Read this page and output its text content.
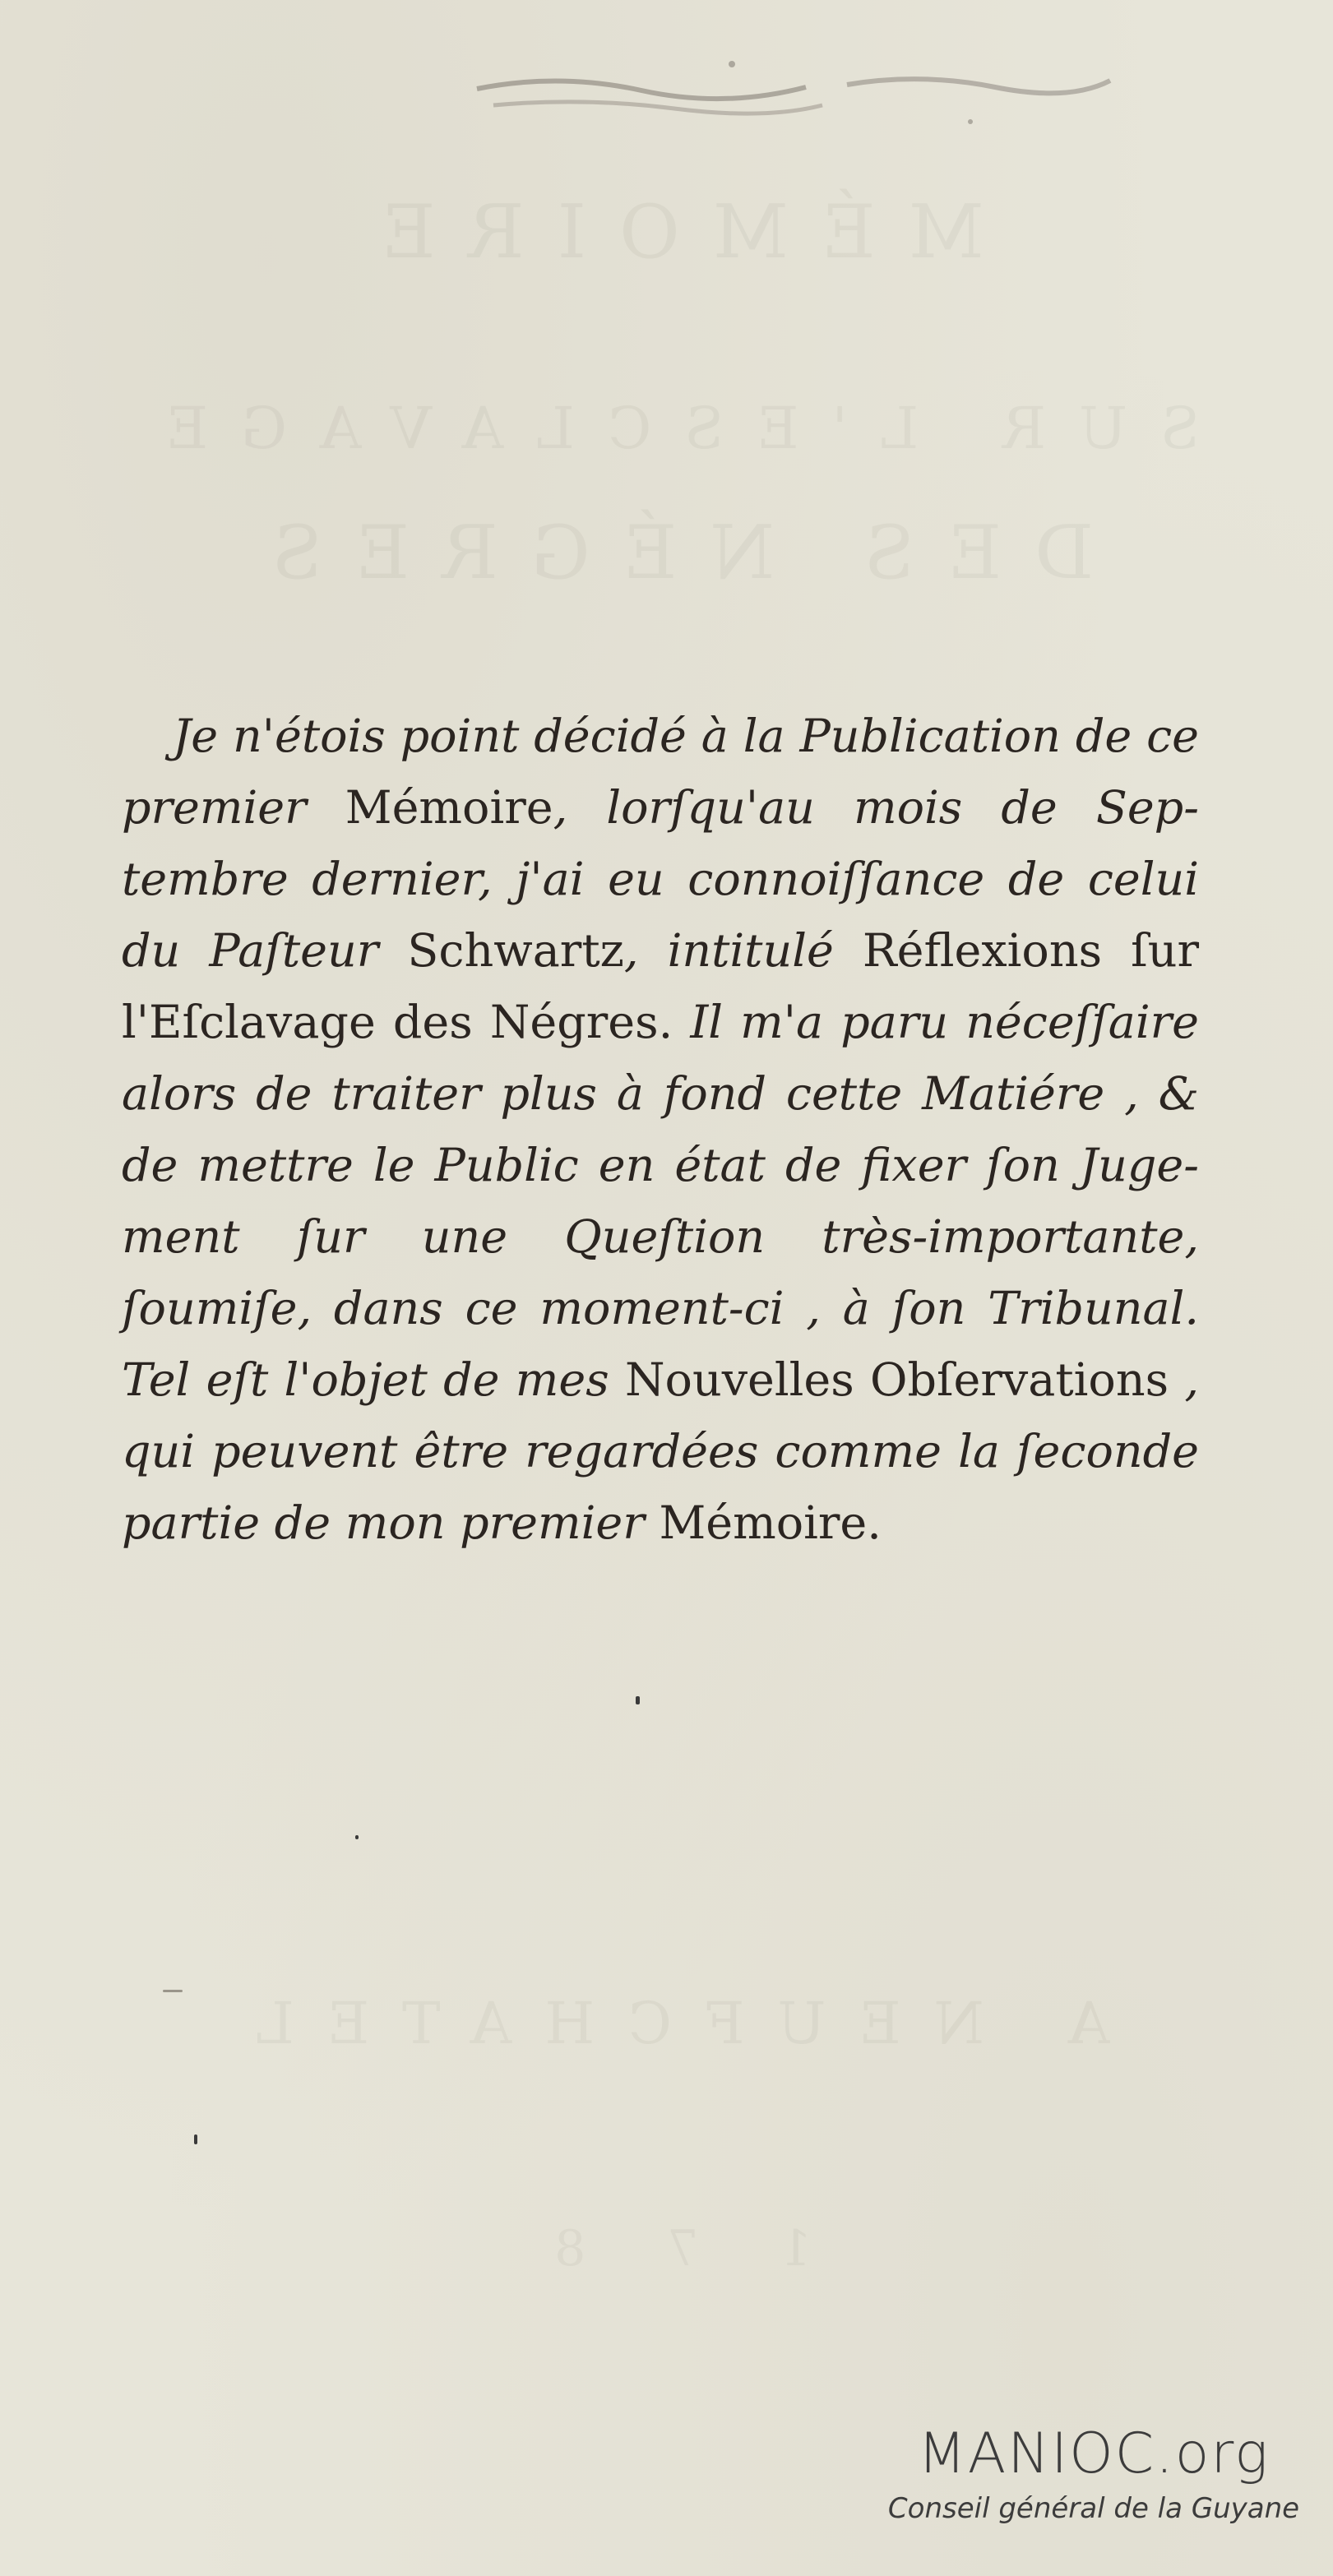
MÉMOIRE
SUR L'ESCLAVAGE
DES NÉGRES
A NEUFCHATEL
1 7 8

Je n'étois point décidé à la Publication de ce premier Mémoire, lorſqu'au mois de Septembre dernier, j'ai eu connoiſſance de celui du Paſteur Schwartz, intitulé Réflexions ſur l'Eſclavage des Négres. Il m'a paru néceſſaire alors de traiter plus à fond cette Matiére , & de mettre le Public en état de fixer ſon Jugement ſur une Queſtion très-importante, ſoumiſe, dans ce moment-ci , à ſon Tribunal. Tel eſt l'objet de mes Nouvelles Obſervations , qui peuvent être regardées comme la ſeconde partie de mon premier Mémoire.

MANIOC.org
Conseil général de la Guyane
